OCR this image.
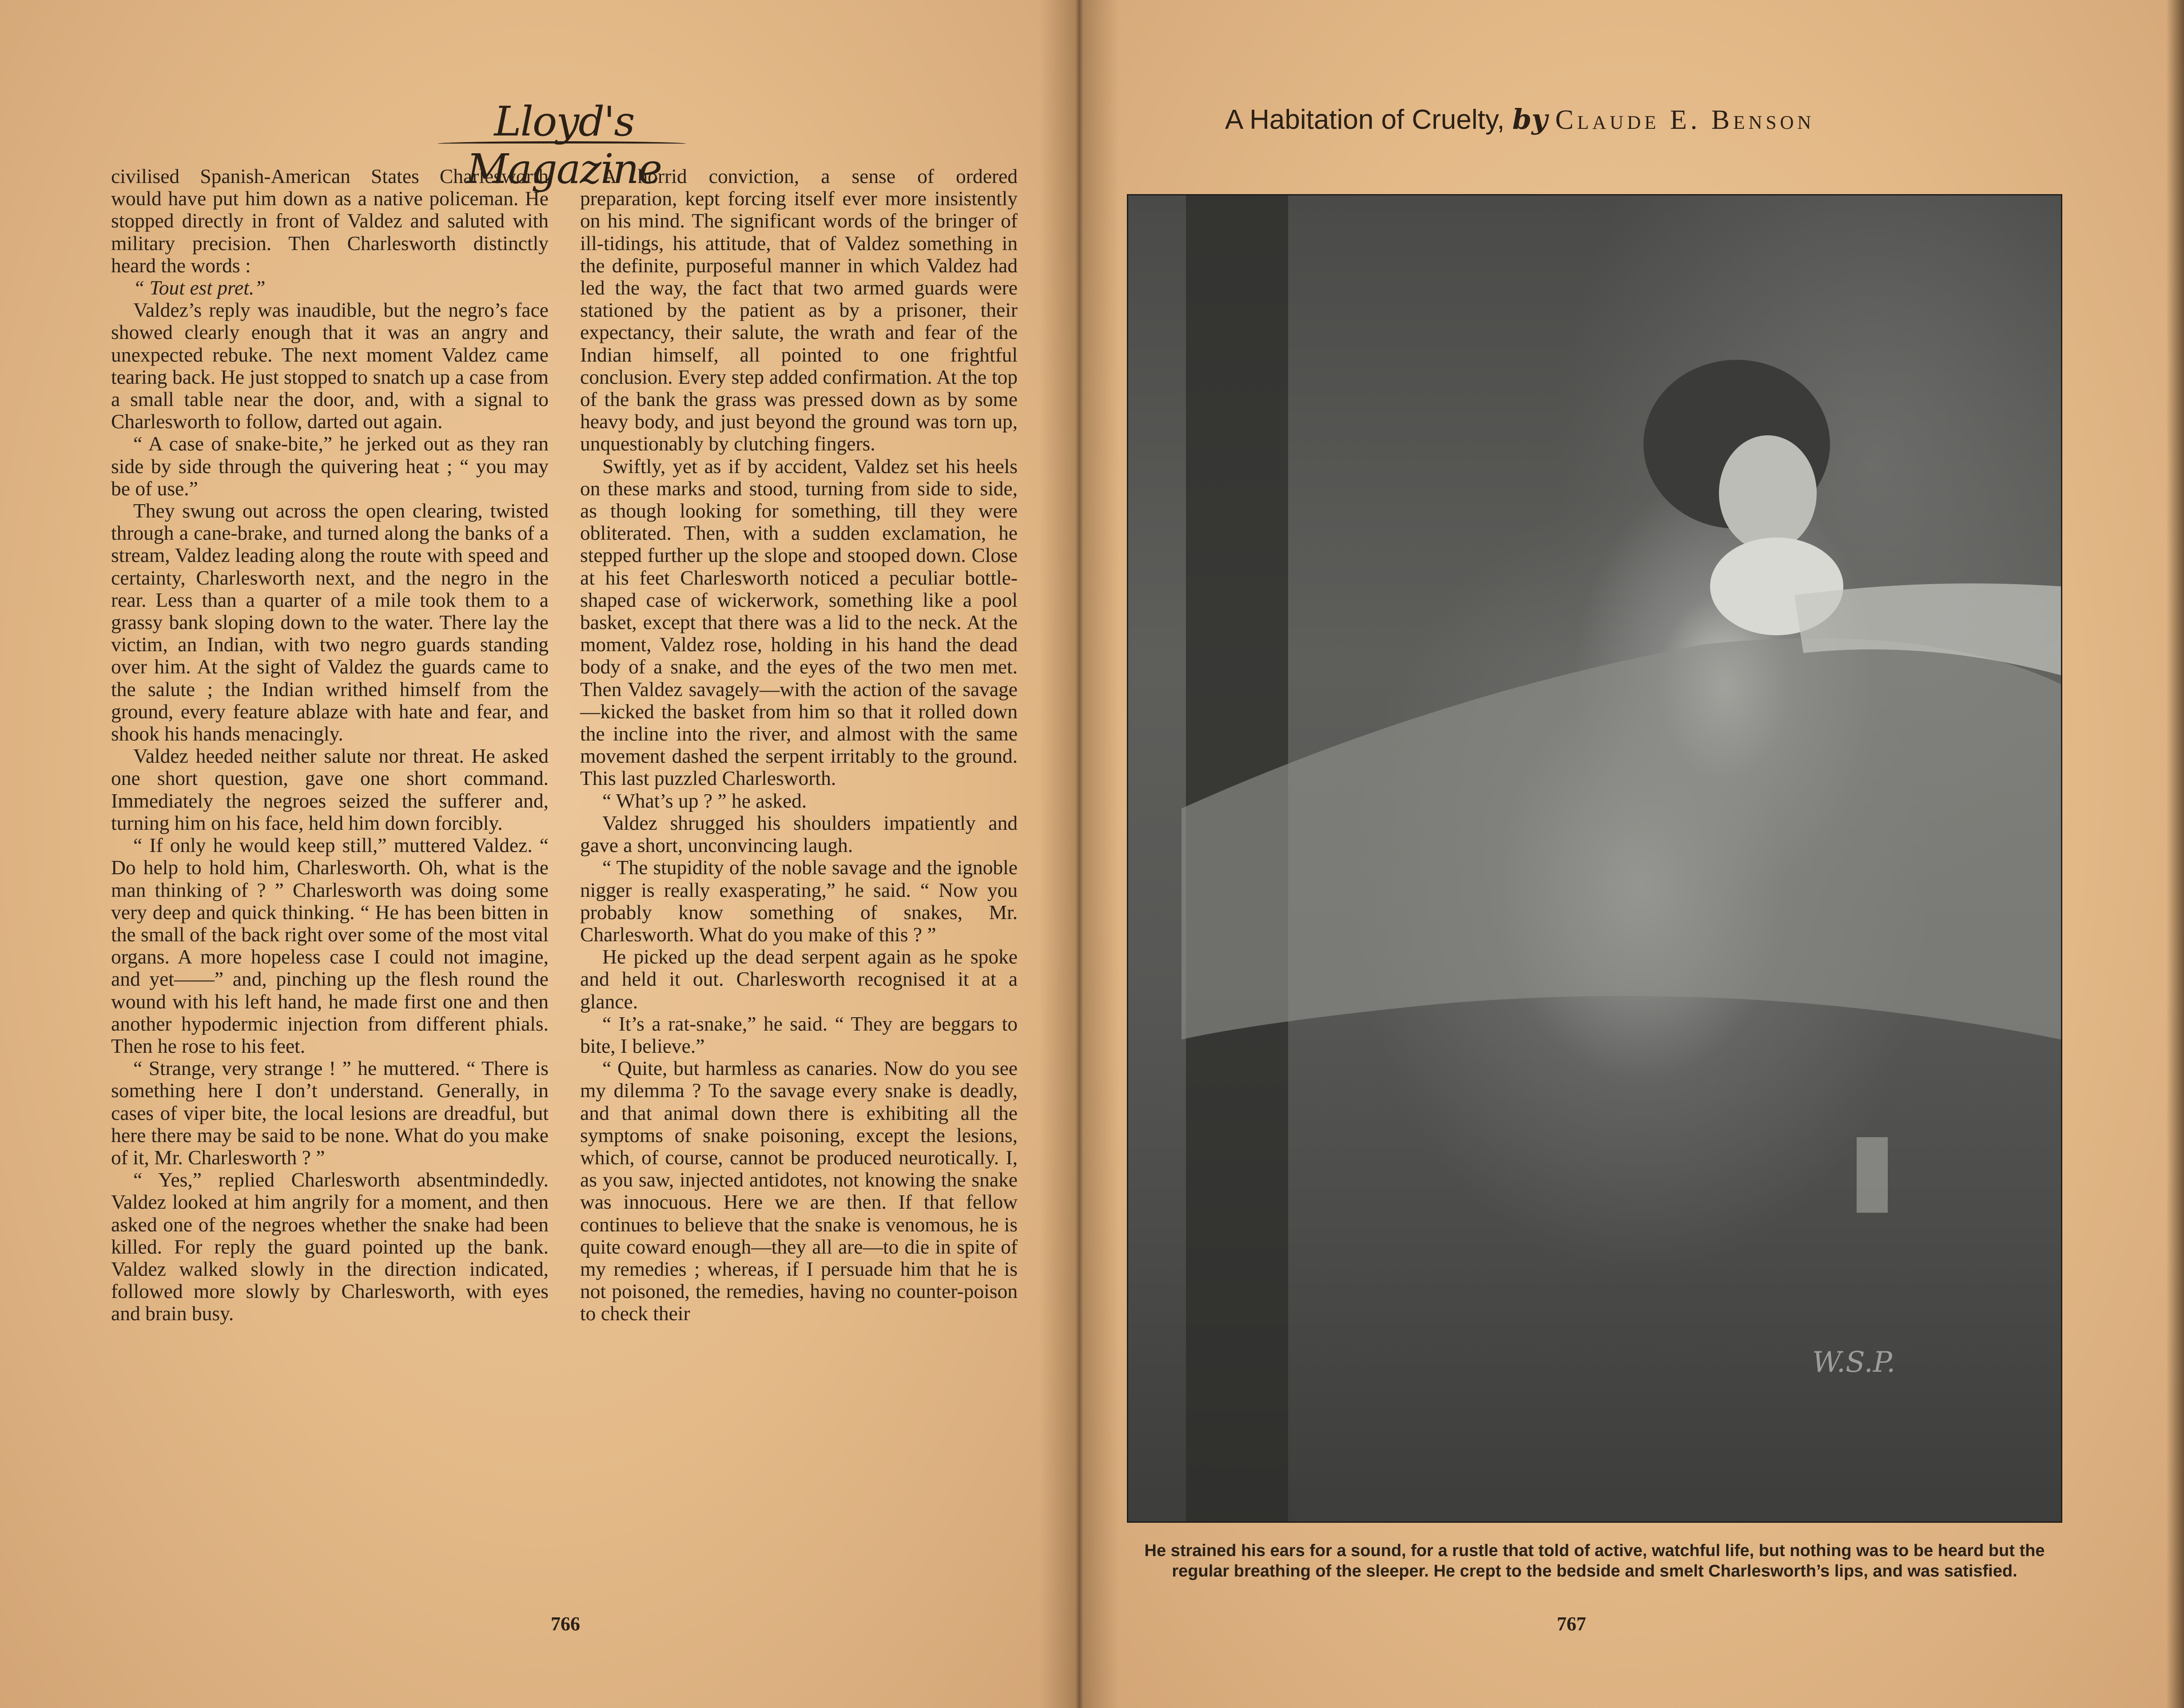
Lloyd's Magazine

civilised Spanish-American States Charlesworth would have put him down as a native policeman. He stopped directly in front of Valdez and saluted with military precision. Then Charlesworth distinctly heard the words :

“ Tout est pret.”

Valdez’s reply was inaudible, but the negro’s face showed clearly enough that it was an angry and unexpected rebuke. The next moment Valdez came tearing back. He just stopped to snatch up a case from a small table near the door, and, with a signal to Charlesworth to follow, darted out again.

“ A case of snake-bite,” he jerked out as they ran side by side through the quivering heat ; “ you may be of use.”

They swung out across the open clearing, twisted through a cane-brake, and turned along the banks of a stream, Valdez leading along the route with speed and certainty, Charlesworth next, and the negro in the rear. Less than a quarter of a mile took them to a grassy bank sloping down to the water. There lay the victim, an Indian, with two negro guards standing over him. At the sight of Valdez the guards came to the salute ; the Indian writhed himself from the ground, every feature ablaze with hate and fear, and shook his hands menacingly.

Valdez heeded neither salute nor threat. He asked one short question, gave one short command. Immediately the negroes seized the sufferer and, turning him on his face, held him down forcibly.

“ If only he would keep still,” muttered Valdez. “ Do help to hold him, Charlesworth. Oh, what is the man thinking of ? ” Charlesworth was doing some very deep and quick thinking. “ He has been bitten in the small of the back right over some of the most vital organs. A more hopeless case I could not imagine, and yet——” and, pinching up the flesh round the wound with his left hand, he made first one and then another hypodermic injection from different phials. Then he rose to his feet.

“ Strange, very strange ! ” he muttered. “ There is something here I don’t understand. Generally, in cases of viper bite, the local lesions are dreadful, but here there may be said to be none. What do you make of it, Mr. Charlesworth ? ”

“ Yes,” replied Charlesworth absentmindedly. Valdez looked at him angrily for a moment, and then asked one of the negroes whether the snake had been killed. For reply the guard pointed up the bank. Valdez walked slowly in the direction indicated, followed more slowly by Charlesworth, with eyes and brain busy.

A horrid conviction, a sense of ordered preparation, kept forcing itself ever more insistently on his mind. The significant words of the bringer of ill-tidings, his attitude, that of Valdez something in the definite, purposeful manner in which Valdez had led the way, the fact that two armed guards were stationed by the patient as by a prisoner, their expectancy, their salute, the wrath and fear of the Indian himself, all pointed to one frightful conclusion. Every step added confirmation. At the top of the bank the grass was pressed down as by some heavy body, and just beyond the ground was torn up, unquestionably by clutching fingers.

Swiftly, yet as if by accident, Valdez set his heels on these marks and stood, turning from side to side, as though looking for something, till they were obliterated. Then, with a sudden exclamation, he stepped further up the slope and stooped down. Close at his feet Charlesworth noticed a peculiar bottle-shaped case of wickerwork, something like a pool basket, except that there was a lid to the neck. At the moment, Valdez rose, holding in his hand the dead body of a snake, and the eyes of the two men met. Then Valdez savagely—with the action of the savage—kicked the basket from him so that it rolled down the incline into the river, and almost with the same movement dashed the serpent irritably to the ground. This last puzzled Charlesworth.

“ What’s up ? ” he asked.

Valdez shrugged his shoulders impatiently and gave a short, unconvincing laugh.

“ The stupidity of the noble savage and the ignoble nigger is really exasperating,” he said. “ Now you probably know something of snakes, Mr. Charlesworth. What do you make of this ? ”

He picked up the dead serpent again as he spoke and held it out. Charlesworth recognised it at a glance.

“ It’s a rat-snake,” he said. “ They are beggars to bite, I believe.”

“ Quite, but harmless as canaries. Now do you see my dilemma ? To the savage every snake is deadly, and that animal down there is exhibiting all the symptoms of snake poisoning, except the lesions, which, of course, cannot be produced neurotically. I, as you saw, injected antidotes, not knowing the snake was innocuous. Here we are then. If that fellow continues to believe that the snake is venomous, he is quite coward enough—they all are—to die in spite of my remedies ; whereas, if I persuade him that he is not poisoned, the remedies, having no counter-poison to check their

766
A Habitation of Cruelty, by Claude E. Benson
W.S.P.
He strained his ears for a sound, for a rustle that told of active, watchful life, but nothing was to be heard but the regular breathing of the sleeper. He crept to the bedside and smelt Charlesworth’s lips, and was satisfied.
767
